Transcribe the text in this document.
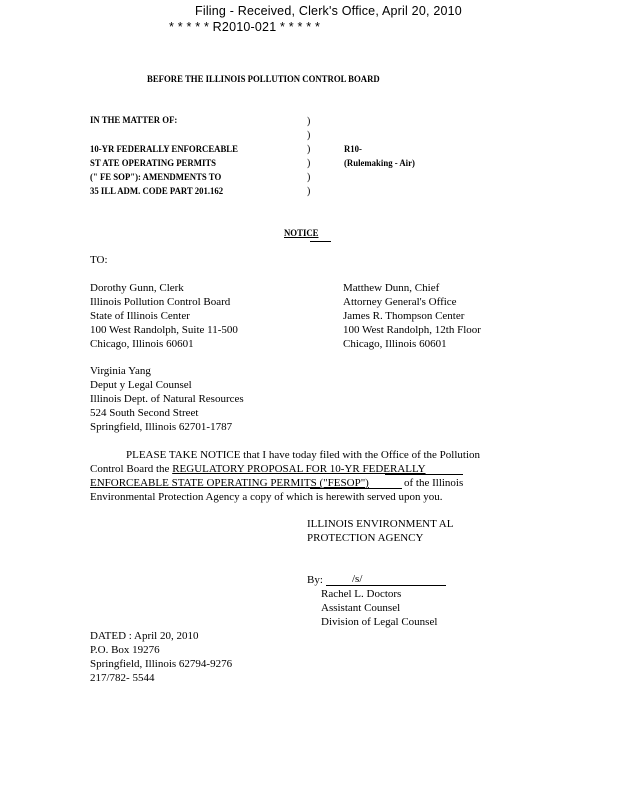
Filing - Received, Clerk's Office, April 20, 2010
* * * * * R2010-021 * * * * *
BEFORE THE ILLINOIS POLLUTION CONTROL BOARD
IN THE MATTER OF:
10-YR FEDERALLY ENFORCEABLE
ST ATE OPERATING PERMITS
(" FE SOP"): AMENDMENTS TO
35 ILL ADM. CODE PART 201.162
)
)
)
)
)
)
R10-
(Rulemaking - Air)
NOTICE
TO:
Dorothy Gunn, Clerk
Illinois Pollution Control Board
State of Illinois Center
100 West Randolph, Suite 11-500
Chicago, Illinois 60601
Matthew Dunn, Chief
Attorney General's Office
James R. Thompson Center
100 West Randolph, 12th Floor
Chicago, Illinois 60601
Virginia Yang
Deput y Legal Counsel
Illinois Dept. of Natural Resources
524 South Second Street
Springfield, Illinois 62701-1787
PLEASE TAKE NOTICE that I have today filed with the Office of the Pollution
Control Board the REGULATORY PROPOSAL FOR 10-YR FEDERALLY
ENFORCEABLE STATE OPERATING PERMITS ("FESOP")	of the Illinois
Environmental Protection Agency a copy of which is herewith served upon you.
ILLINOIS ENVIRONMENT AL
PROTECTION AGENCY
By:	/s/
Rachel L. Doctors
Assistant Counsel
Division of Legal Counsel
DATED : April 20, 2010
P.O. Box 19276
Springfield, Illinois 62794-9276
217/782- 5544
